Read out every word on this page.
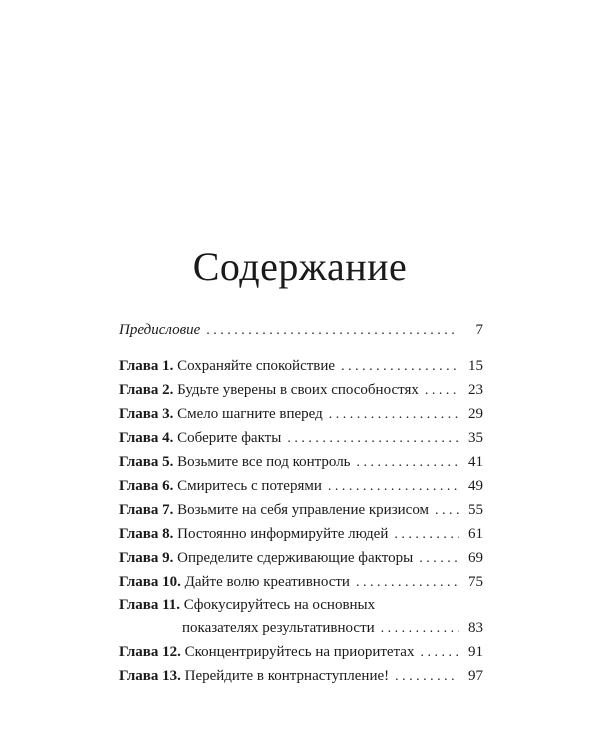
Содержание
Предисловие . . .	7
Глава 1. Сохраняйте спокойствие . . .	15
Глава 2. Будьте уверены в своих способностях . . .	23
Глава 3. Смело шагните вперед . . .	29
Глава 4. Соберите факты . . .	35
Глава 5. Возьмите все под контроль . . .	41
Глава 6. Смиритесь с потерями . . .	49
Глава 7. Возьмите на себя управление кризисом . . .	55
Глава 8. Постоянно информируйте людей . . .	61
Глава 9. Определите сдерживающие факторы . . .	69
Глава 10. Дайте волю креативности . . .	75
Глава 11. Сфокусируйтесь на основных
показателях результативности . . .	83
Глава 12. Сконцентрируйтесь на приоритетах . . .	91
Глава 13. Перейдите в контрнаступление! . . .	97
